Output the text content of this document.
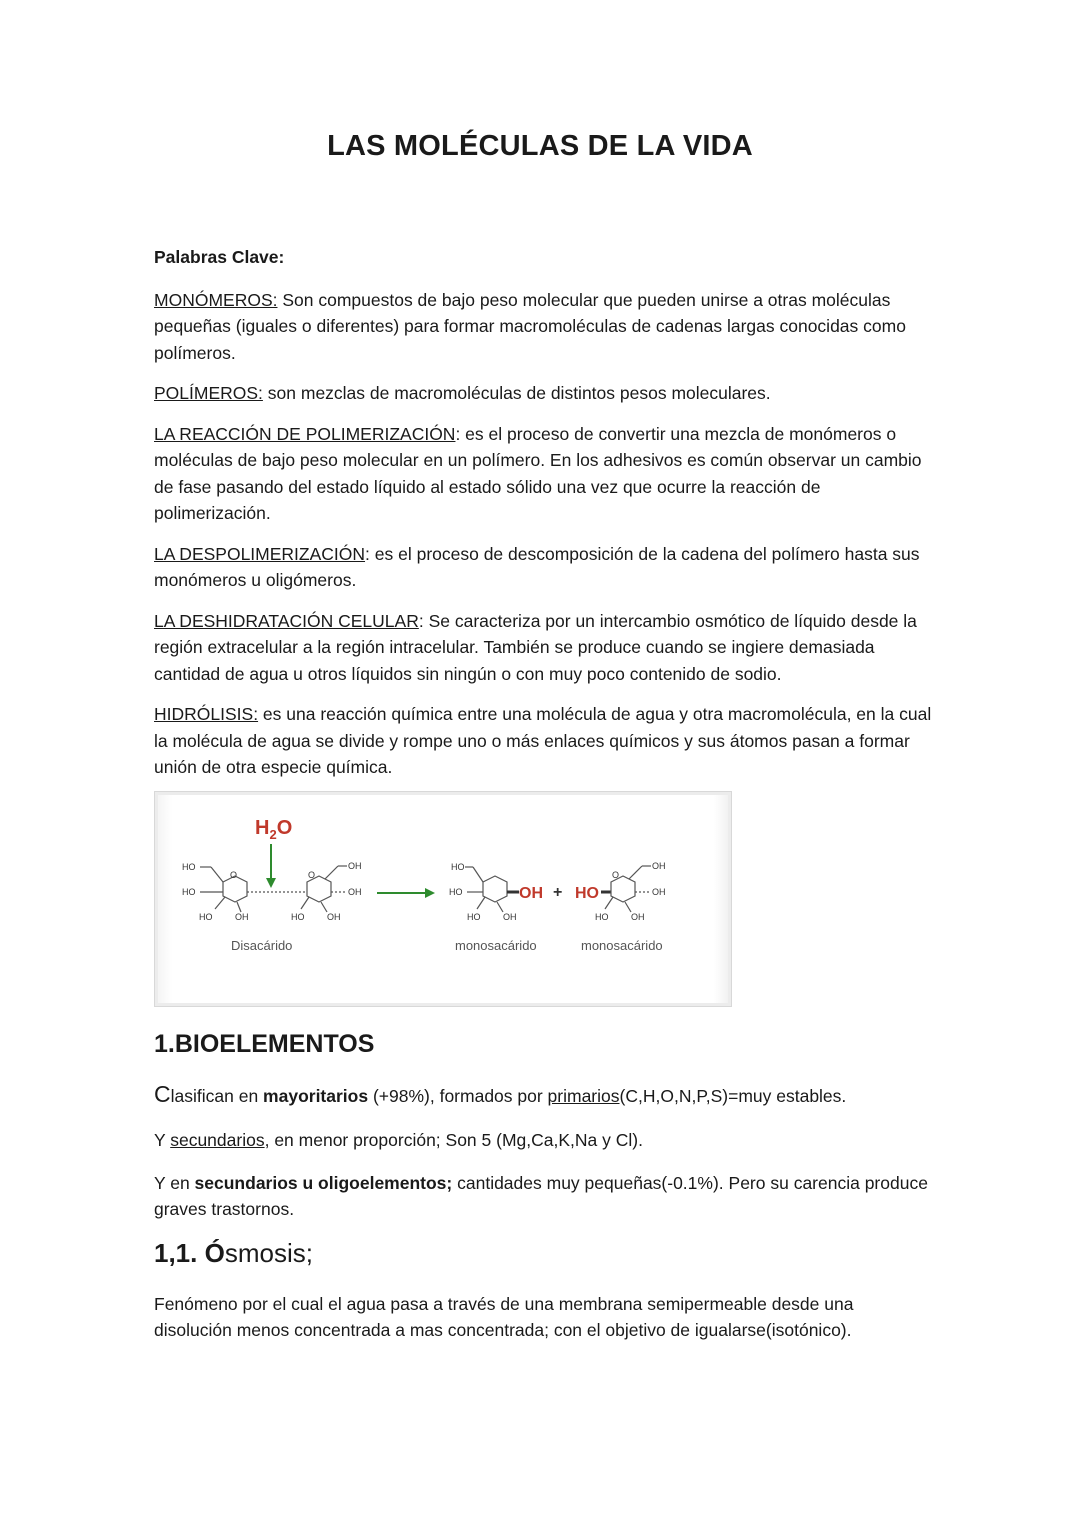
LAS MOLÉCULAS DE LA VIDA

Palabras Clave:

MONÓMEROS: Son compuestos de bajo peso molecular que pueden unirse a otras moléculas pequeñas (iguales o diferentes) para formar macromoléculas de cadenas largas conocidas como polímeros.

POLÍMEROS: son mezclas de macromoléculas de distintos pesos moleculares.

LA REACCIÓN DE POLIMERIZACIÓN: es el proceso de convertir una mezcla de monómeros o moléculas de bajo peso molecular en un polímero. En los adhesivos es común observar un cambio de fase pasando del estado líquido al estado sólido una vez que ocurre la reacción de polimerización.

LA DESPOLIMERIZACIÓN: es el proceso de descomposición de la cadena del polímero hasta sus monómeros u oligómeros.

LA DESHIDRATACIÓN CELULAR: Se caracteriza por un intercambio osmótico de líquido desde la región extracelular a la región intracelular. También se produce cuando se ingiere demasiada cantidad de agua u otros líquidos sin ningún o con muy poco contenido de sodio.

HIDRÓLISIS: es una reacción química entre una molécula de agua y otra macromolécula, en la cual la molécula de agua se divide y rompe uno o más enlaces químicos y sus átomos pasan a formar unión de otra especie química.

$H_2O$
HO
HO
HO	OH
O	O
OH
OH
HO	OH
Disacárido
HO
HO
HO	OH
OH + HO
O
OH
OH
HO	OH
monosacárido	monosacárido
1.BIOELEMENTOS

Clasifican en mayoritarios (+98%), formados por primarios(C,H,O,N,P,S)=muy estables.

Y secundarios, en menor proporción; Son 5 (Mg,Ca,K,Na y Cl).

Y en secundarios u oligoelementos; cantidades muy pequeñas(-0.1%). Pero su carencia produce graves trastornos.

1,1. Ósmosis;

Fenómeno por el cual el agua pasa a través de una membrana semipermeable desde una disolución menos concentrada a mas concentrada; con el objetivo de igualarse(isotónico).
